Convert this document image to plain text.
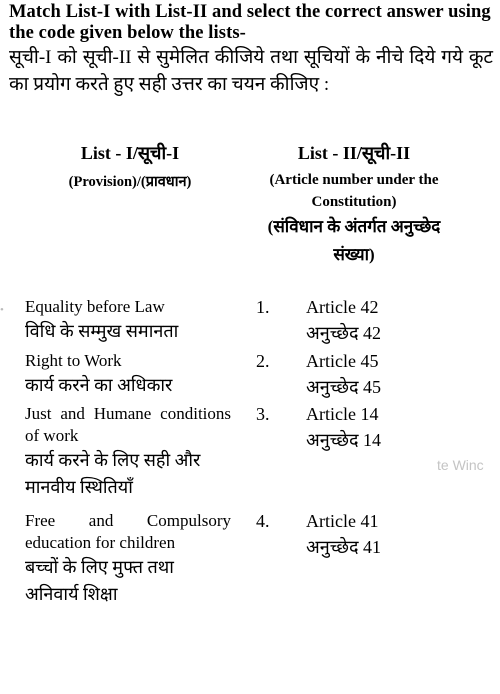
Match List-I with List-II and select the correct answer using the code given below the lists-
सूची-I को सूची-II से सुमेलित कीजिये तथा सूचियों के नीचे दिये गये कूट का प्रयोग करते हुए सही उत्तर का चयन कीजिए :
List - I/सूची-I
(Provision)/(प्रावधान)
List - II/सूची-II
(Article number under the Constitution)
(संविधान के अंतर्गत अनुच्छेद संख्या)
• Equality before Law
विधि के सम्मुख समानता
1. Article 42
अनुच्छेद 42
Right to Work
कार्य करने का अधिकार
2. Article 45
अनुच्छेद 45
Just and Humane conditions of work
कार्य करने के लिए सही और मानवीय स्थितियाँ
3. Article 14
अनुच्छेद 14
Free and Compulsory education for children
बच्चों के लिए मुफ्त तथा अनिवार्य शिक्षा
4. Article 41
अनुच्छेद 41
te Winc
